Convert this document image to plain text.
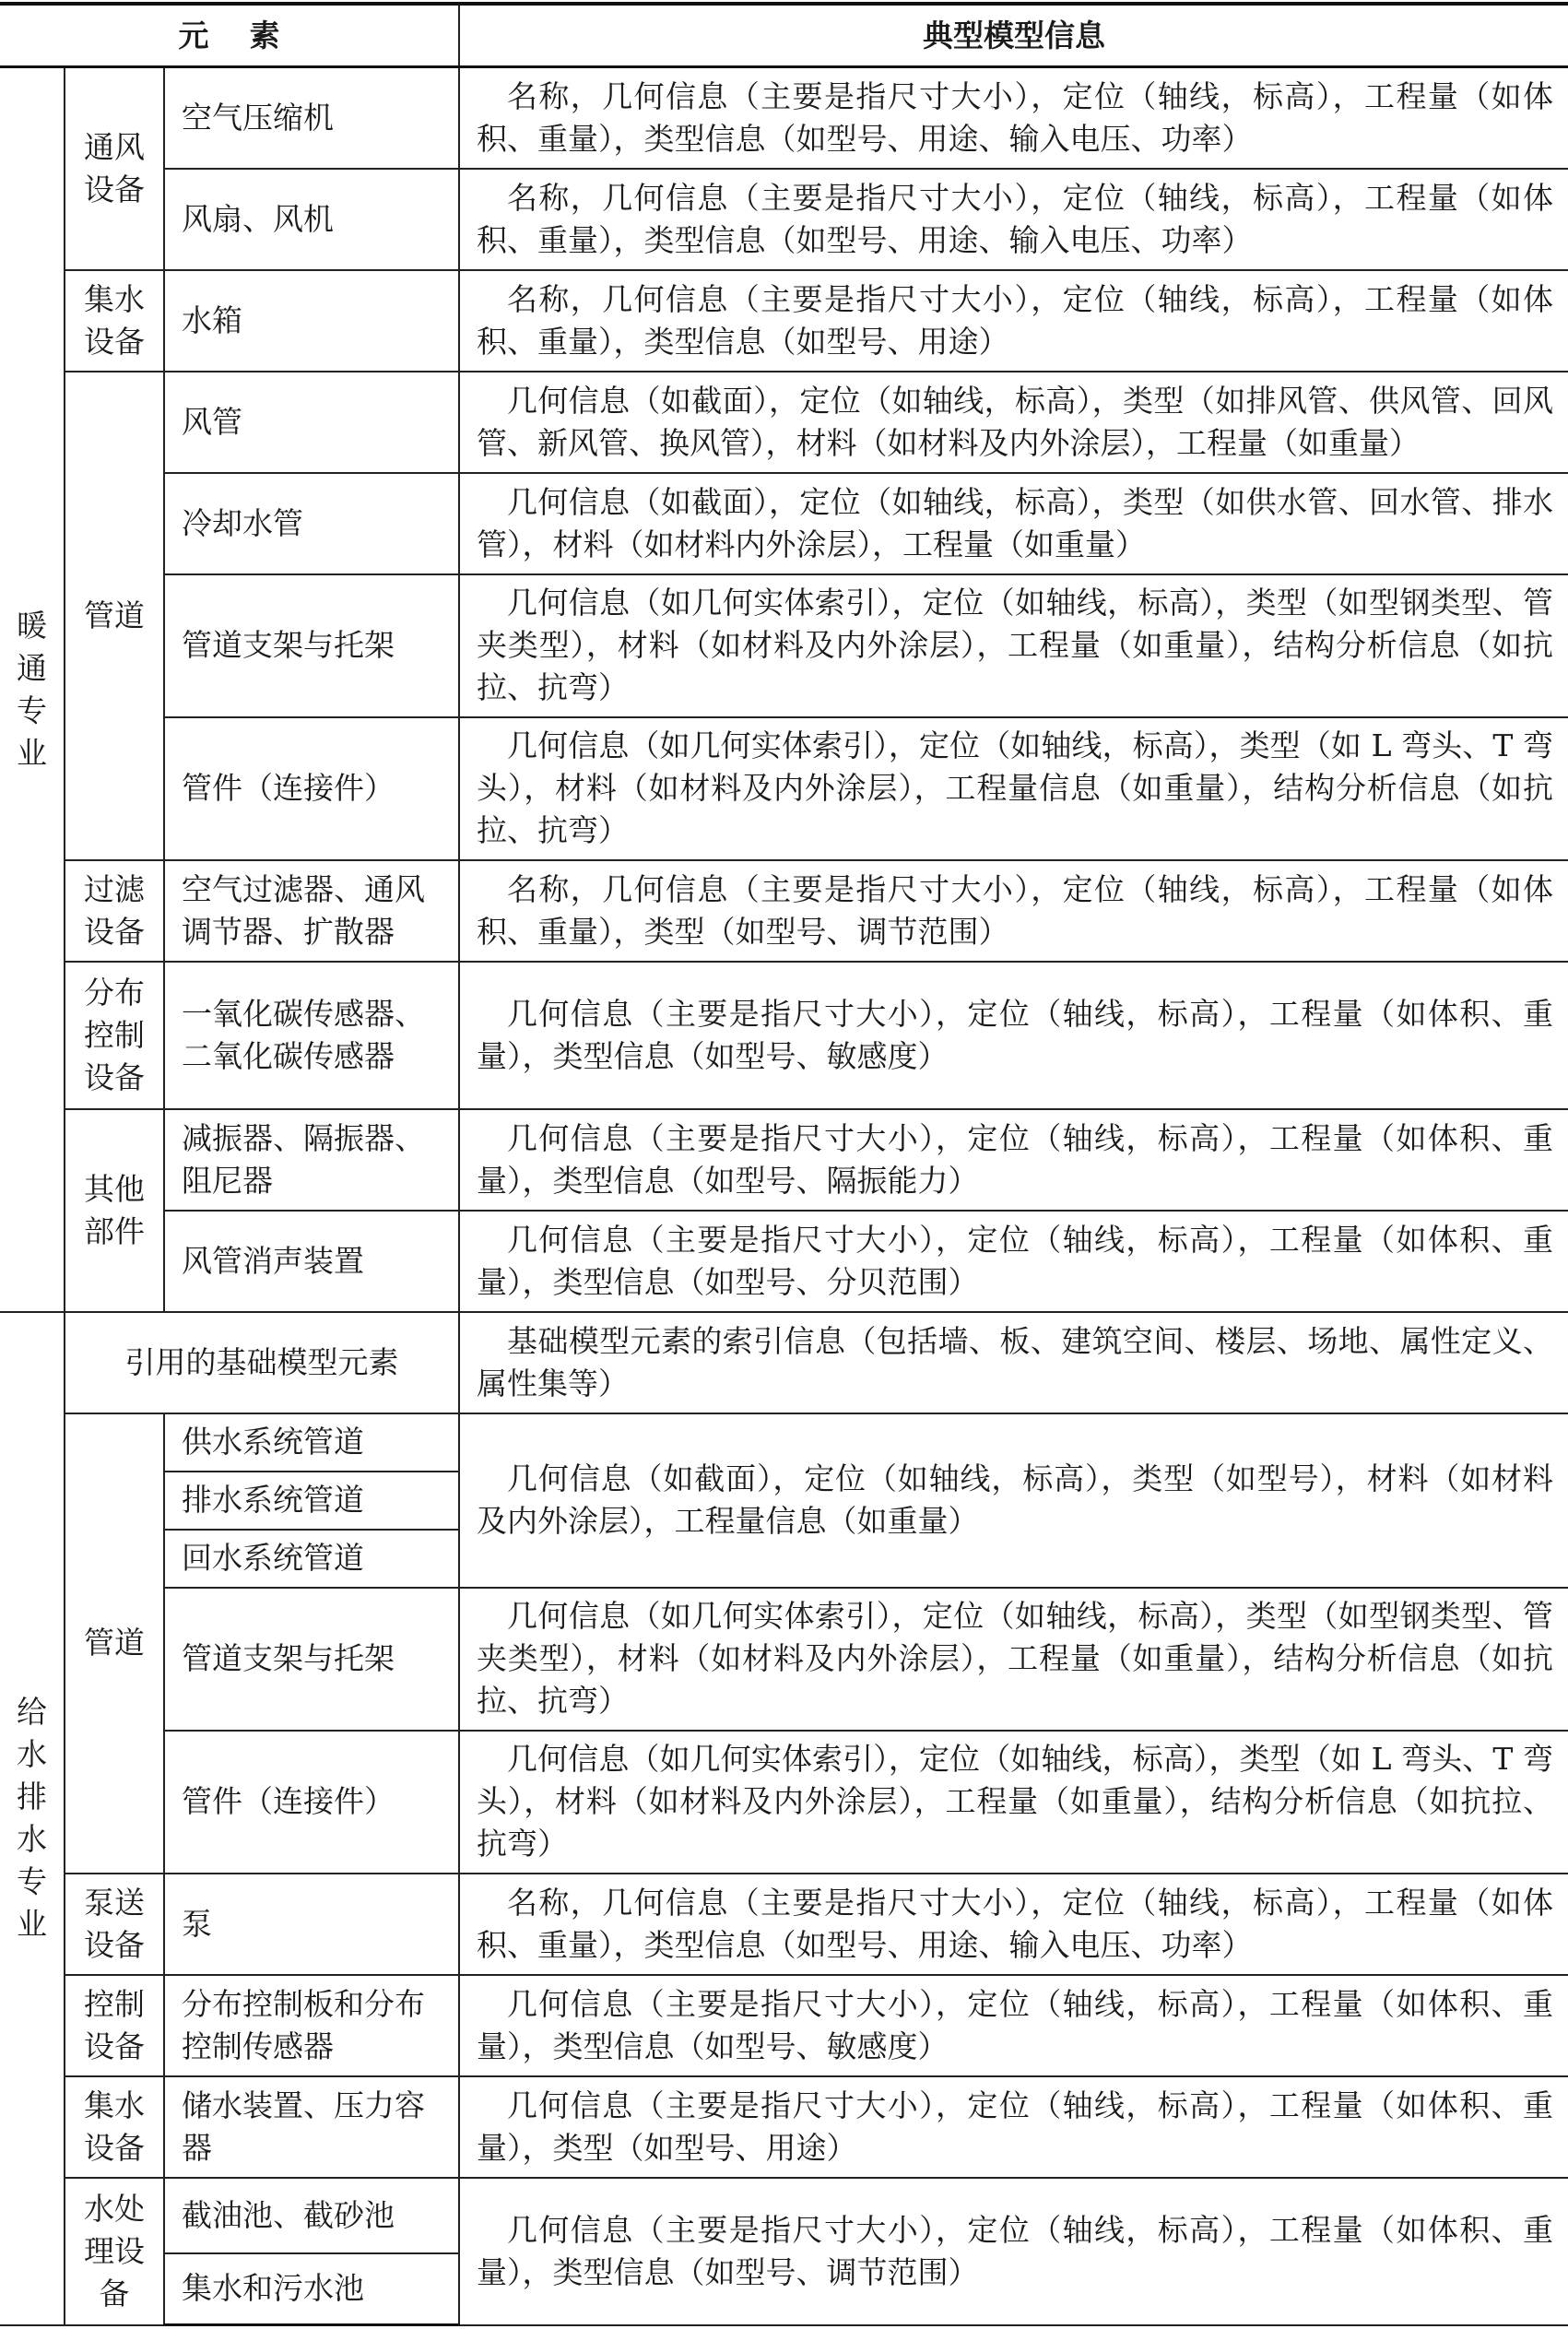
元素			典型模型信息

暖通专业	通风设备	空气压缩机	名称，几何信息（主要是指尺寸大小），定位（轴线，标高），工程量（如体积、重量），类型信息（如型号、用途、输入电压、功率）

		风扇、风机	名称，几何信息（主要是指尺寸大小），定位（轴线，标高），工程量（如体积、重量），类型信息（如型号、用途、输入电压、功率）

	集水设备	水箱	名称，几何信息（主要是指尺寸大小），定位（轴线，标高），工程量（如体积、重量），类型信息（如型号、用途）

	管道	风管	几何信息（如截面），定位（如轴线，标高），类型（如排风管、供风管、回风管、新风管、换风管），材料（如材料及内外涂层），工程量（如重量）

		冷却水管	几何信息（如截面），定位（如轴线，标高），类型（如供水管、回水管、排水管），材料（如材料内外涂层），工程量（如重量）

		管道支架与托架	几何信息（如几何实体索引），定位（如轴线，标高），类型（如型钢类型、管夹类型），材料（如材料及内外涂层），工程量（如重量），结构分析信息（如抗拉、抗弯）

		管件（连接件）	几何信息（如几何实体索引），定位（如轴线，标高），类型（如 L 弯头、T 弯头），材料（如材料及内外涂层），工程量信息（如重量），结构分析信息（如抗拉、抗弯）

	过滤设备	空气过滤器、通风调节器、扩散器	名称，几何信息（主要是指尺寸大小），定位（轴线，标高），工程量（如体积、重量），类型（如型号、调节范围）

	分布控制设备	一氧化碳传感器、二氧化碳传感器	几何信息（主要是指尺寸大小），定位（轴线，标高），工程量（如体积、重量），类型信息（如型号、敏感度）

	其他部件	减振器、隔振器、阻尼器	几何信息（主要是指尺寸大小），定位（轴线，标高），工程量（如体积、重量），类型信息（如型号、隔振能力）

		风管消声装置	几何信息（主要是指尺寸大小），定位（轴线，标高），工程量（如体积、重量），类型信息（如型号、分贝范围）

给水排水专业	引用的基础模型元素		基础模型元素的索引信息（包括墙、板、建筑空间、楼层、场地、属性定义、属性集等）

	管道	供水系统管道	几何信息（如截面），定位（如轴线，标高），类型（如型号），材料（如材料及内外涂层），工程量信息（如重量）

		排水系统管道	
		回水系统管道	
		管道支架与托架	几何信息（如几何实体索引），定位（如轴线，标高），类型（如型钢类型、管夹类型），材料（如材料及内外涂层），工程量（如重量），结构分析信息（如抗拉、抗弯）

		管件（连接件）	几何信息（如几何实体索引），定位（如轴线，标高），类型（如 L 弯头、T 弯头），材料（如材料及内外涂层），工程量（如重量），结构分析信息（如抗拉、抗弯）

	泵送设备	泵	名称，几何信息（主要是指尺寸大小），定位（轴线，标高），工程量（如体积、重量），类型信息（如型号、用途、输入电压、功率）

	控制设备	分布控制板和分布控制传感器	几何信息（主要是指尺寸大小），定位（轴线，标高），工程量（如体积、重量），类型信息（如型号、敏感度）

	集水设备	储水装置、压力容器	几何信息（主要是指尺寸大小），定位（轴线，标高），工程量（如体积、重量），类型（如型号、用途）

	水处理设备	截油池、截砂池	几何信息（主要是指尺寸大小），定位（轴线，标高），工程量（如体积、重量），类型信息（如型号、调节范围）

		集水和污水池	
